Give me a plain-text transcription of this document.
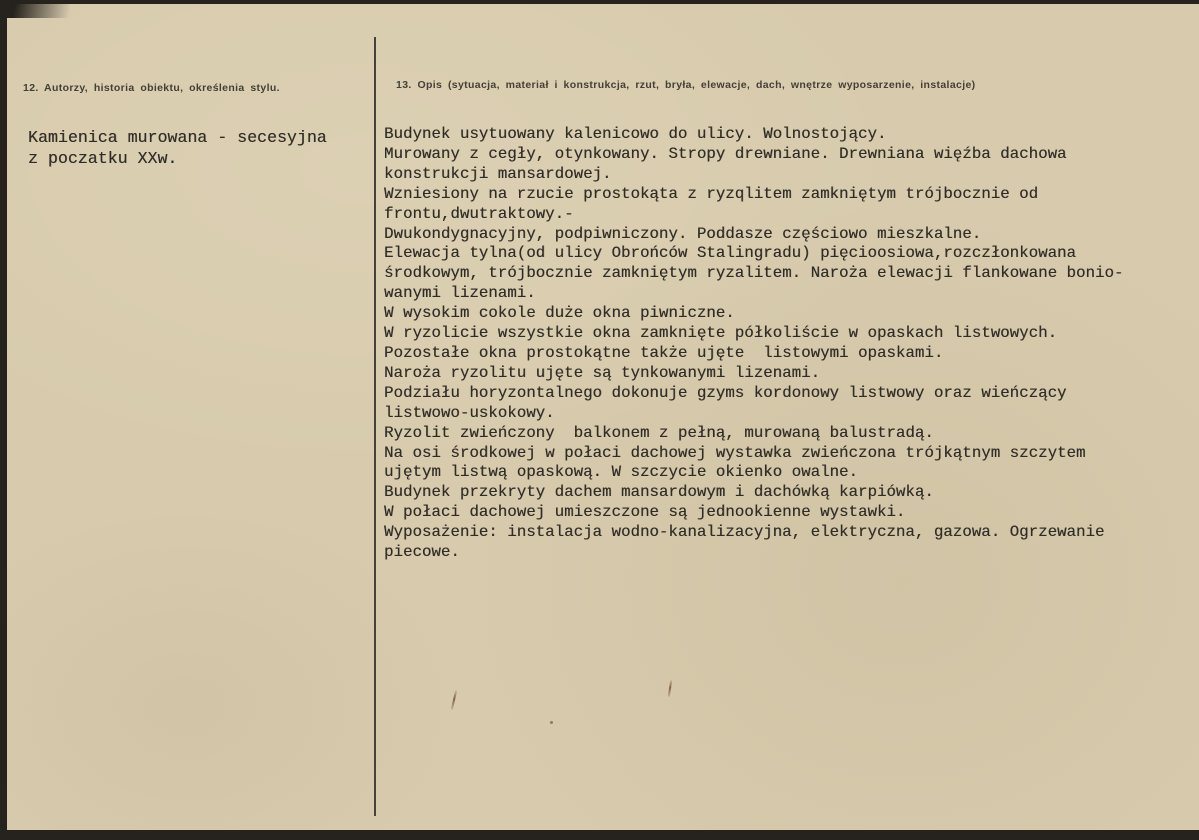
12. Autorzy, historia obiektu, określenia stylu.
Kamienica murowana - secesyjna
z poczatku XXw.
13. Opis (sytuacja, materiał i konstrukcja, rzut, bryła, elewacje, dach, wnętrze wyposarzenie, instalacje)
Budynek usytuowany kalenicowo do ulicy. Wolnostojący.
Murowany z cegły, otynkowany. Stropy drewniane. Drewniana więźba dachowa
konstrukcji mansardowej.
Wzniesiony na rzucie prostokąta z ryzqlitem zamkniętym trójbocznie od
frontu,dwutraktowy.-
Dwukondygnacyjny, podpiwniczony. Poddasze częściowo mieszkalne.
Elewacja tylna(od ulicy Obrońców Stalingradu) pięcioosiowa,rozczłonkowana
środkowym, trójbocznie zamkniętym ryzalitem. Naroża elewacji flankowane bonio-
wanymi lizenami.
W wysokim cokole duże okna piwniczne.
W ryzolicie wszystkie okna zamknięte półkoliście w opaskach listwowych.
Pozostałe okna prostokątne także ujęte  listowymi opaskami.
Naroża ryzolitu ujęte są tynkowanymi lizenami.
Podziału horyzontalnego dokonuje gzyms kordonowy listwowy oraz wieńczący
listwowo-uskokowy.
Ryzolit zwieńczony  balkonem z pełną, murowaną balustradą.
Na osi środkowej w połaci dachowej wystawka zwieńczona trójkątnym szczytem
ujętym listwą opaskową. W szczycie okienko owalne.
Budynek przekryty dachem mansardowym i dachówką karpiówką.
W połaci dachowej umieszczone są jednookienne wystawki.
Wyposażenie: instalacja wodno-kanalizacyjna, elektryczna, gazowa. Ogrzewanie
piecowe.
